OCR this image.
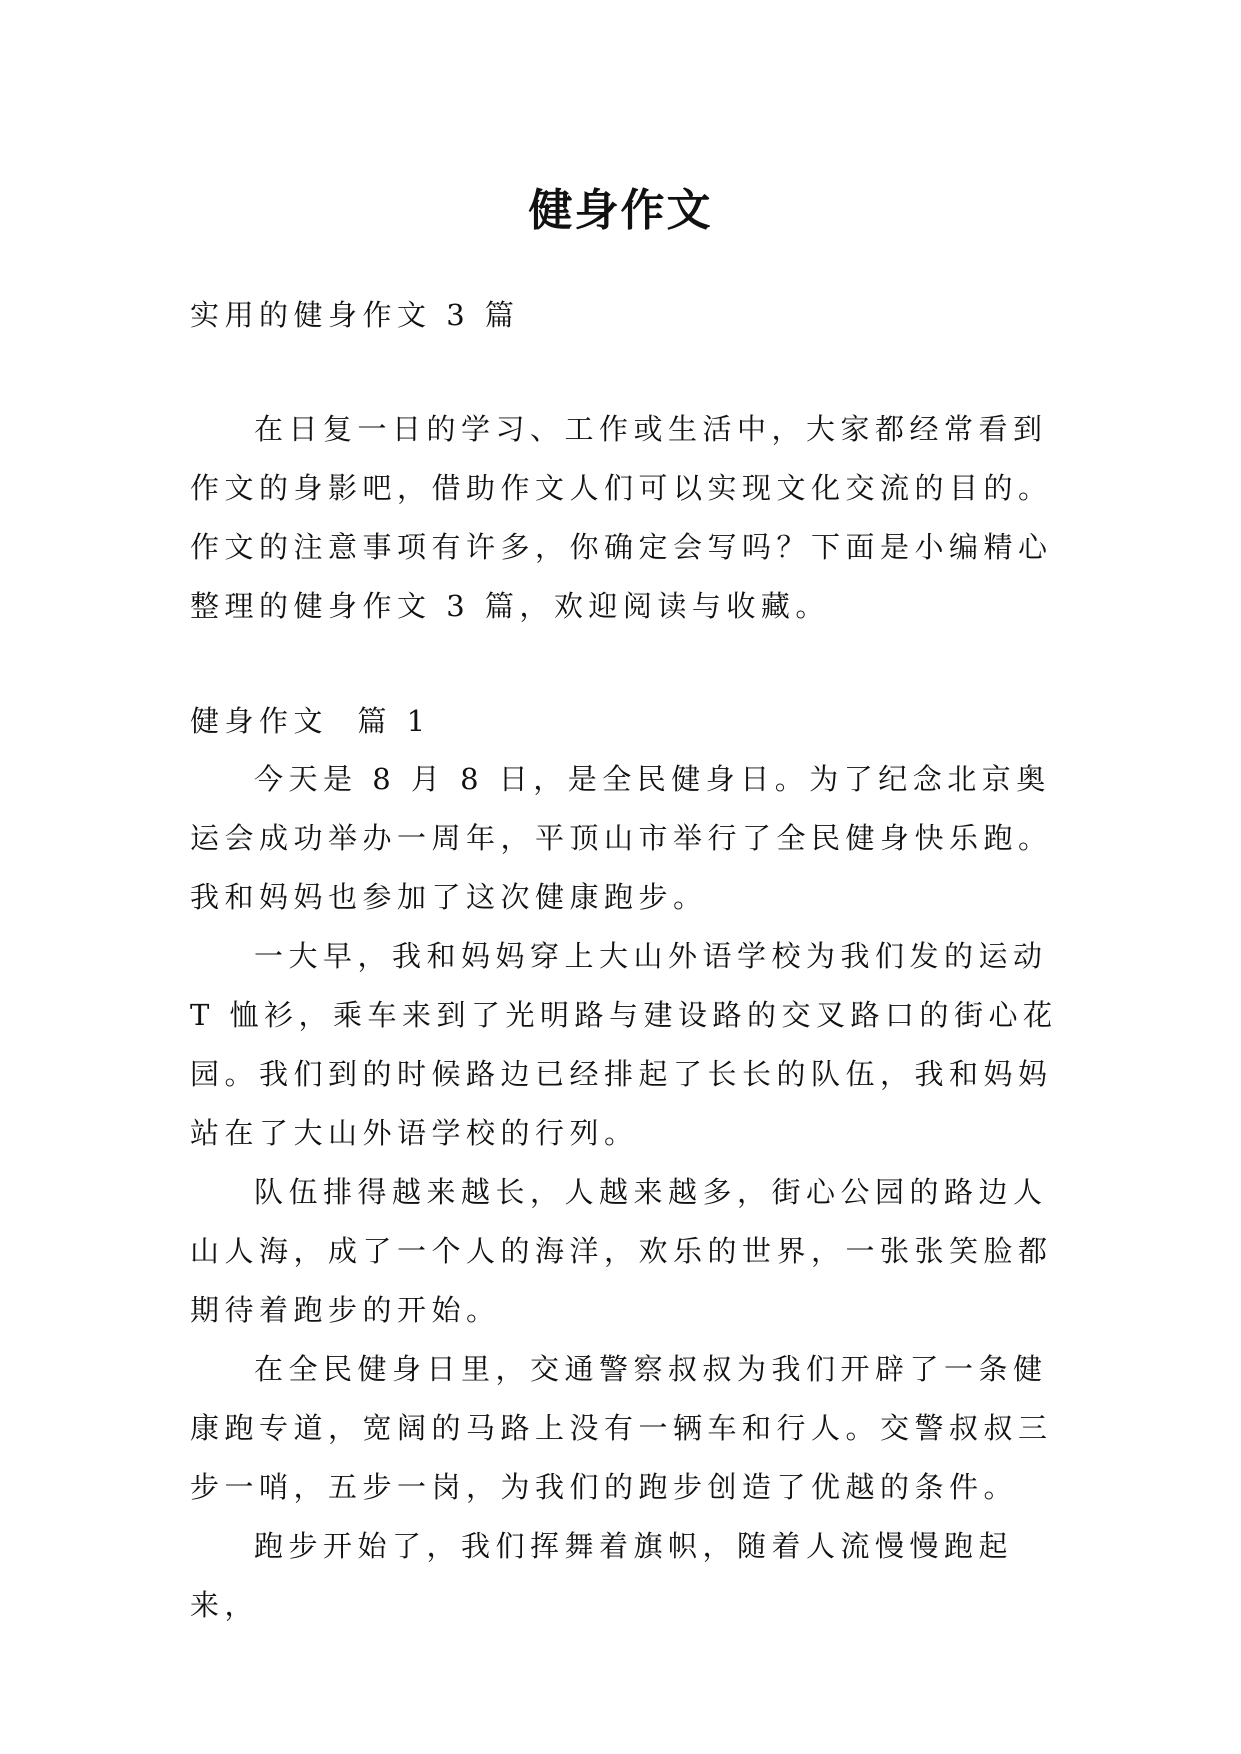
健身作文

实用的健身作文 3 篇

在日复一日的学习、工作或生活中，大家都经常看到作文的身影吧，借助作文人们可以实现文化交流的目的。作文的注意事项有许多，你确定会写吗？下面是小编精心整理的健身作文 3 篇，欢迎阅读与收藏。

健身作文  篇 1

今天是 8 月 8 日，是全民健身日。为了纪念北京奥运会成功举办一周年，平顶山市举行了全民健身快乐跑。我和妈妈也参加了这次健康跑步。

一大早，我和妈妈穿上大山外语学校为我们发的运动 T 恤衫，乘车来到了光明路与建设路的交叉路口的街心花园。我们到的时候路边已经排起了长长的队伍，我和妈妈站在了大山外语学校的行列。

队伍排得越来越长，人越来越多，街心公园的路边人山人海，成了一个人的海洋，欢乐的世界，一张张笑脸都期待着跑步的开始。

在全民健身日里，交通警察叔叔为我们开辟了一条健康跑专道，宽阔的马路上没有一辆车和行人。交警叔叔三步一哨，五步一岗，为我们的跑步创造了优越的条件。

跑步开始了，我们挥舞着旗帜，随着人流慢慢跑起来，
